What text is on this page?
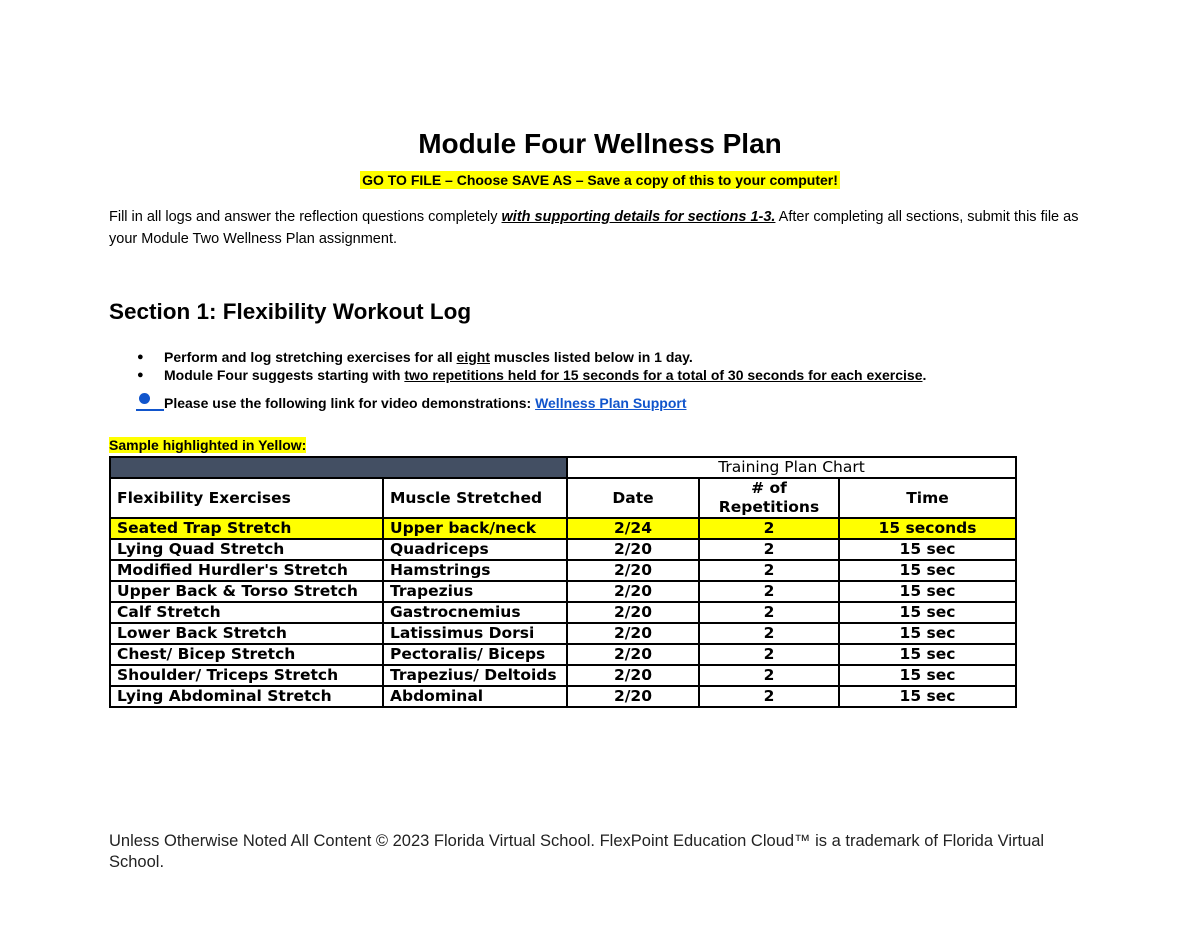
Module Four Wellness Plan
GO TO FILE – Choose SAVE AS – Save a copy of this to your computer!
Fill in all logs and answer the reflection questions completely with supporting details for sections 1-3. After completing all sections, submit this file as your Module Two Wellness Plan assignment.
Section 1: Flexibility Workout Log
● Perform and log stretching exercises for all eight muscles listed below in 1 day.
● Module Four suggests starting with two repetitions held for 15 seconds for a total of 30 seconds for each exercise.
Please use the following link for video demonstrations: Wellness Plan Support
Sample highlighted in Yellow:
		Training Plan Chart		
Flexibility Exercises	Muscle Stretched	Date	# of Repetitions	Time
Seated Trap Stretch	Upper back/neck	2/24	2	15 seconds
Lying Quad Stretch	Quadriceps	2/20	2	15 sec
Modified Hurdler's Stretch	Hamstrings	2/20	2	15 sec
Upper Back & Torso Stretch	Trapezius	2/20	2	15 sec
Calf Stretch	Gastrocnemius	2/20	2	15 sec
Lower Back Stretch	Latissimus Dorsi	2/20	2	15 sec
Chest/ Bicep Stretch	Pectoralis/ Biceps	2/20	2	15 sec
Shoulder/ Triceps Stretch	Trapezius/ Deltoids	2/20	2	15 sec
Lying Abdominal Stretch	Abdominal	2/20	2	15 sec
Unless Otherwise Noted All Content © 2023 Florida Virtual School. FlexPoint Education Cloud™ is a trademark of Florida Virtual School.
